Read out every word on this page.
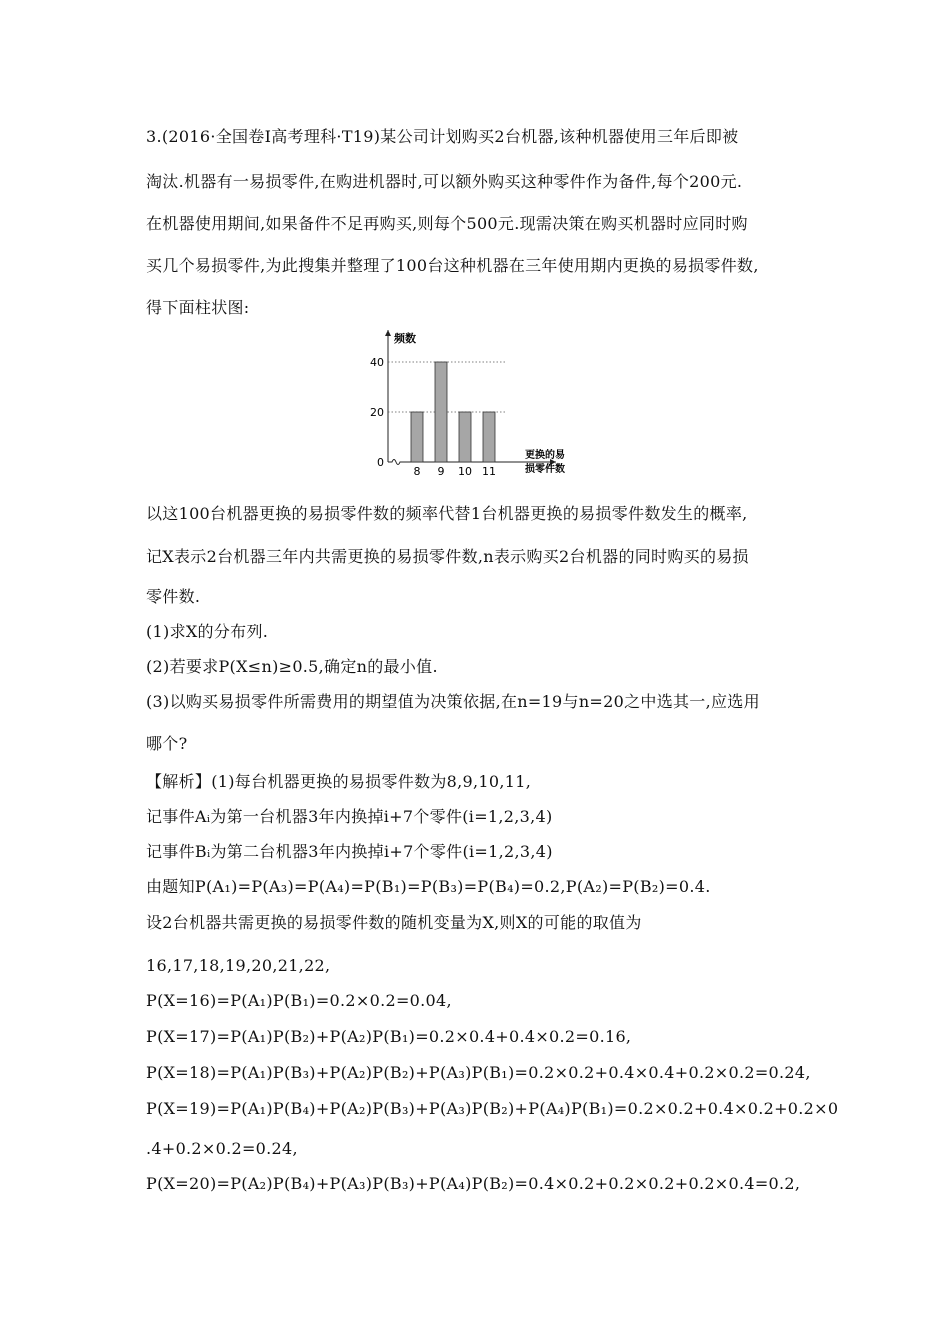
3.(2016·全国卷Ⅰ高考理科·T19)某公司计划购买2台机器,该种机器使用三年后即被
淘汰.机器有一易损零件,在购进机器时,可以额外购买这种零件作为备件,每个200元.
在机器使用期间,如果备件不足再购买,则每个500元.现需决策在购买机器时应同时购
买几个易损零件,为此搜集并整理了100台这种机器在三年使用期内更换的易损零件数,
得下面柱状图:
频数
0
20
40
8 9 10 11
更换的易
损零件数
以这100台机器更换的易损零件数的频率代替1台机器更换的易损零件数发生的概率,
记X表示2台机器三年内共需更换的易损零件数,n表示购买2台机器的同时购买的易损
零件数.
(1)求X的分布列.
(2)若要求P(X≤n)≥0.5,确定n的最小值.
(3)以购买易损零件所需费用的期望值为决策依据,在n=19与n=20之中选其一,应选用
哪个?
【解析】(1)每台机器更换的易损零件数为8,9,10,11,
记事件Aᵢ为第一台机器3年内换掉i+7个零件(i=1,2,3,4)
记事件Bᵢ为第二台机器3年内换掉i+7个零件(i=1,2,3,4)
由题知P(A₁)=P(A₃)=P(A₄)=P(B₁)=P(B₃)=P(B₄)=0.2,P(A₂)=P(B₂)=0.4.
设2台机器共需更换的易损零件数的随机变量为X,则X的可能的取值为
16,17,18,19,20,21,22,
P(X=16)=P(A₁)P(B₁)=0.2×0.2=0.04,
P(X=17)=P(A₁)P(B₂)+P(A₂)P(B₁)=0.2×0.4+0.4×0.2=0.16,
P(X=18)=P(A₁)P(B₃)+P(A₂)P(B₂)+P(A₃)P(B₁)=0.2×0.2+0.4×0.4+0.2×0.2=0.24,
P(X=19)=P(A₁)P(B₄)+P(A₂)P(B₃)+P(A₃)P(B₂)+P(A₄)P(B₁)=0.2×0.2+0.4×0.2+0.2×0
.4+0.2×0.2=0.24,
P(X=20)=P(A₂)P(B₄)+P(A₃)P(B₃)+P(A₄)P(B₂)=0.4×0.2+0.2×0.2+0.2×0.4=0.2,
